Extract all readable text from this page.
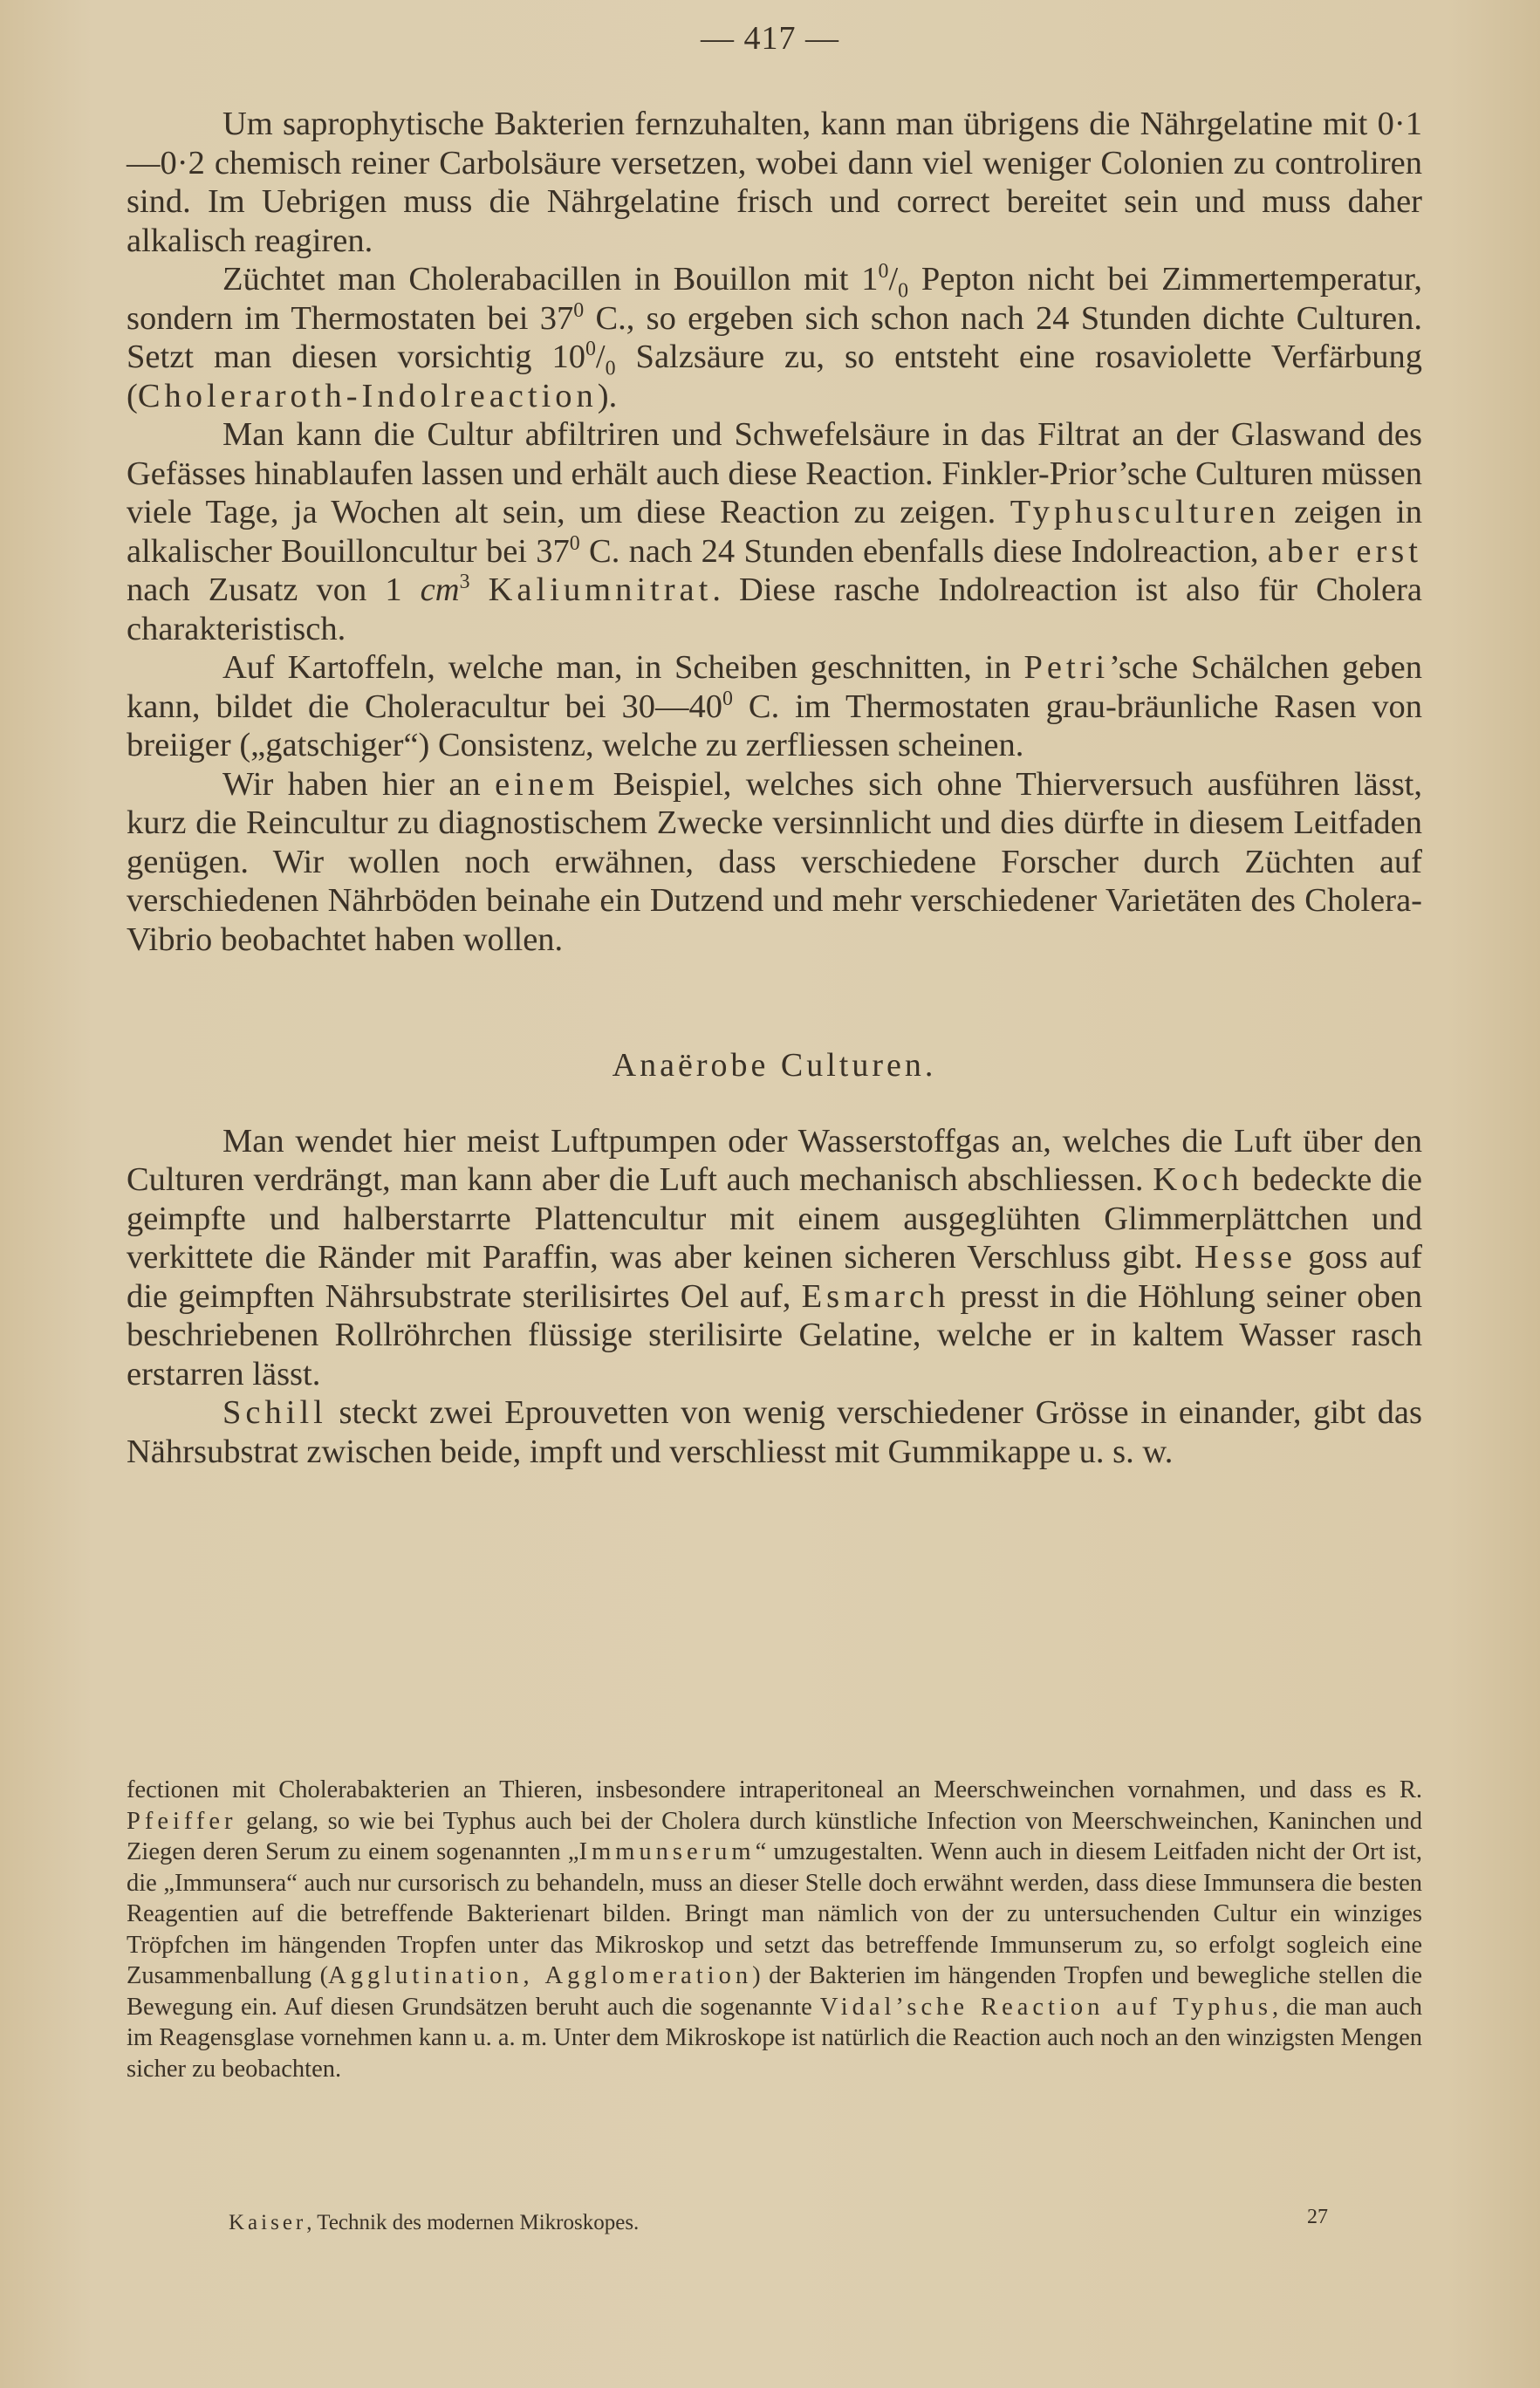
— 417 —

Um saprophytische Bakterien fernzuhalten, kann man übrigens die Nährgelatine mit 0·1—0·2 chemisch reiner Carbolsäure versetzen, wobei dann viel weniger Colonien zu controliren sind. Im Uebrigen muss die Nährgelatine frisch und correct bereitet sein und muss daher alkalisch reagiren.

Züchtet man Cholerabacillen in Bouillon mit $1^0/_0$ Pepton nicht bei Zimmertemperatur, sondern im Thermostaten bei $37^0$ C., so ergeben sich schon nach 24 Stunden dichte Culturen. Setzt man diesen vorsichtig $10^0/_0$ Salzsäure zu, so entsteht eine rosaviolette Verfärbung (Choleraroth-Indolreaction).

Man kann die Cultur abfiltriren und Schwefelsäure in das Filtrat an der Glaswand des Gefässes hinablaufen lassen und erhält auch diese Reaction. Finkler-Prior’sche Culturen müssen viele Tage, ja Wochen alt sein, um diese Reaction zu zeigen. Typhusculturen zeigen in alkalischer Bouilloncultur bei $37^0$ C. nach 24 Stunden ebenfalls diese Indolreaction, aber erst nach Zusatz von 1 $cm^3$ Kaliumnitrat. Diese rasche Indolreaction ist also für Cholera charakteristisch.

Auf Kartoffeln, welche man, in Scheiben geschnitten, in Petri’sche Schälchen geben kann, bildet die Choleracultur bei $30—40^0$ C. im Thermostaten grau-bräunliche Rasen von breiiger („gatschiger“) Consistenz, welche zu zerfliessen scheinen.

Wir haben hier an einem Beispiel, welches sich ohne Thierversuch ausführen lässt, kurz die Reincultur zu diagnostischem Zwecke versinnlicht und dies dürfte in diesem Leitfaden genügen. Wir wollen noch erwähnen, dass verschiedene Forscher durch Züchten auf verschiedenen Nährböden beinahe ein Dutzend und mehr verschiedener Varietäten des Cholera-Vibrio beobachtet haben wollen.

Anaërobe Culturen.

Man wendet hier meist Luftpumpen oder Wasserstoffgas an, welches die Luft über den Culturen verdrängt, man kann aber die Luft auch mechanisch abschliessen. Koch bedeckte die geimpfte und halberstarrte Plattencultur mit einem ausgeglühten Glimmerplättchen und verkittete die Ränder mit Paraffin, was aber keinen sicheren Verschluss gibt. Hesse goss auf die geimpften Nährsubstrate sterilisirtes Oel auf, Esmarch presst in die Höhlung seiner oben beschriebenen Rollröhrchen flüssige sterilisirte Gelatine, welche er in kaltem Wasser rasch erstarren lässt.

Schill steckt zwei Eprouvetten von wenig verschiedener Grösse in einander, gibt das Nährsubstrat zwischen beide, impft und verschliesst mit Gummikappe u. s. w.

fectionen mit Cholerabakterien an Thieren, insbesondere intraperitoneal an Meerschweinchen vornahmen, und dass es R. Pfeiffer gelang, so wie bei Typhus auch bei der Cholera durch künstliche Infection von Meerschweinchen, Kaninchen und Ziegen deren Serum zu einem sogenannten „Immunserum“ umzugestalten. Wenn auch in diesem Leitfaden nicht der Ort ist, die „Immunsera“ auch nur cursorisch zu behandeln, muss an dieser Stelle doch erwähnt werden, dass diese Immunsera die besten Reagentien auf die betreffende Bakterienart bilden. Bringt man nämlich von der zu untersuchenden Cultur ein winziges Tröpfchen im hängenden Tropfen unter das Mikroskop und setzt das betreffende Immunserum zu, so erfolgt sogleich eine Zusammenballung (Agglutination, Agglomeration) der Bakterien im hängenden Tropfen und bewegliche stellen die Bewegung ein. Auf diesen Grundsätzen beruht auch die sogenannte Vidal’sche Reaction auf Typhus, die man auch im Reagensglase vornehmen kann u. a. m. Unter dem Mikroskope ist natürlich die Reaction auch noch an den winzigsten Mengen sicher zu beobachten.

Kaiser, Technik des modernen Mikroskopes.	27
